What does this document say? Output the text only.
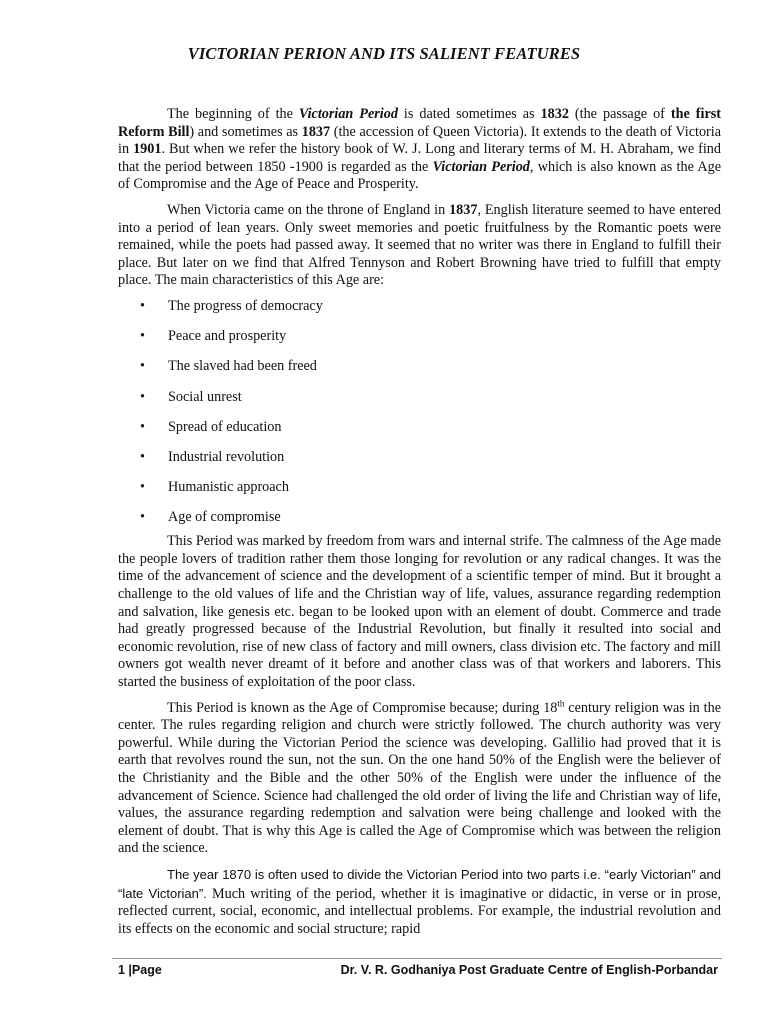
VICTORIAN PERION AND ITS SALIENT FEATURES

The beginning of the Victorian Period is dated sometimes as 1832 (the passage of the first Reform Bill) and sometimes as 1837 (the accession of Queen Victoria). It extends to the death of Victoria in 1901. But when we refer the history book of W. J. Long and literary terms of M. H. Abraham, we find that the period between 1850 -1900 is regarded as the Victorian Period, which is also known as the Age of Compromise and the Age of Peace and Prosperity.

When Victoria came on the throne of England in 1837, English literature seemed to have entered into a period of lean years. Only sweet memories and poetic fruitfulness by the Romantic poets were remained, while the poets had passed away. It seemed that no writer was there in England to fulfill their place. But later on we find that Alfred Tennyson and Robert Browning have tried to fulfill that empty place. The main characteristics of this Age are:

• The progress of democracy
• Peace and prosperity
• The slaved had been freed
• Social unrest
• Spread of education
• Industrial revolution
• Humanistic approach
• Age of compromise

This Period was marked by freedom from wars and internal strife. The calmness of the Age made the people lovers of tradition rather them those longing for revolution or any radical changes. It was the time of the advancement of science and the development of a scientific temper of mind. But it brought a challenge to the old values of life and the Christian way of life, values, assurance regarding redemption and salvation, like genesis etc. began to be looked upon with an element of doubt. Commerce and trade had greatly progressed because of the Industrial Revolution, but finally it resulted into social and economic revolution, rise of new class of factory and mill owners, class division etc. The factory and mill owners got wealth never dreamt of it before and another class was of that workers and laborers. This started the business of exploitation of the poor class.

This Period is known as the Age of Compromise because; during 18th century religion was in the center. The rules regarding religion and church were strictly followed. The church authority was very powerful. While during the Victorian Period the science was developing. Gallilio had proved that it is earth that revolves round the sun, not the sun. On the one hand 50% of the English were the believer of the Christianity and the Bible and the other 50% of the English were under the influence of the advancement of Science. Science had challenged the old order of living the life and Christian way of life, values, the assurance regarding redemption and salvation were being challenge and looked with the element of doubt. That is why this Age is called the Age of Compromise which was between the religion and the science.

The year 1870 is often used to divide the Victorian Period into two parts i.e. “early Victorian” and “late Victorian”. Much writing of the period, whether it is imaginative or didactic, in verse or in prose, reflected current, social, economic, and intellectual problems. For example, the industrial revolution and its effects on the economic and social structure; rapid

1 |Page	Dr. V. R. Godhaniya Post Graduate Centre of English-Porbandar
